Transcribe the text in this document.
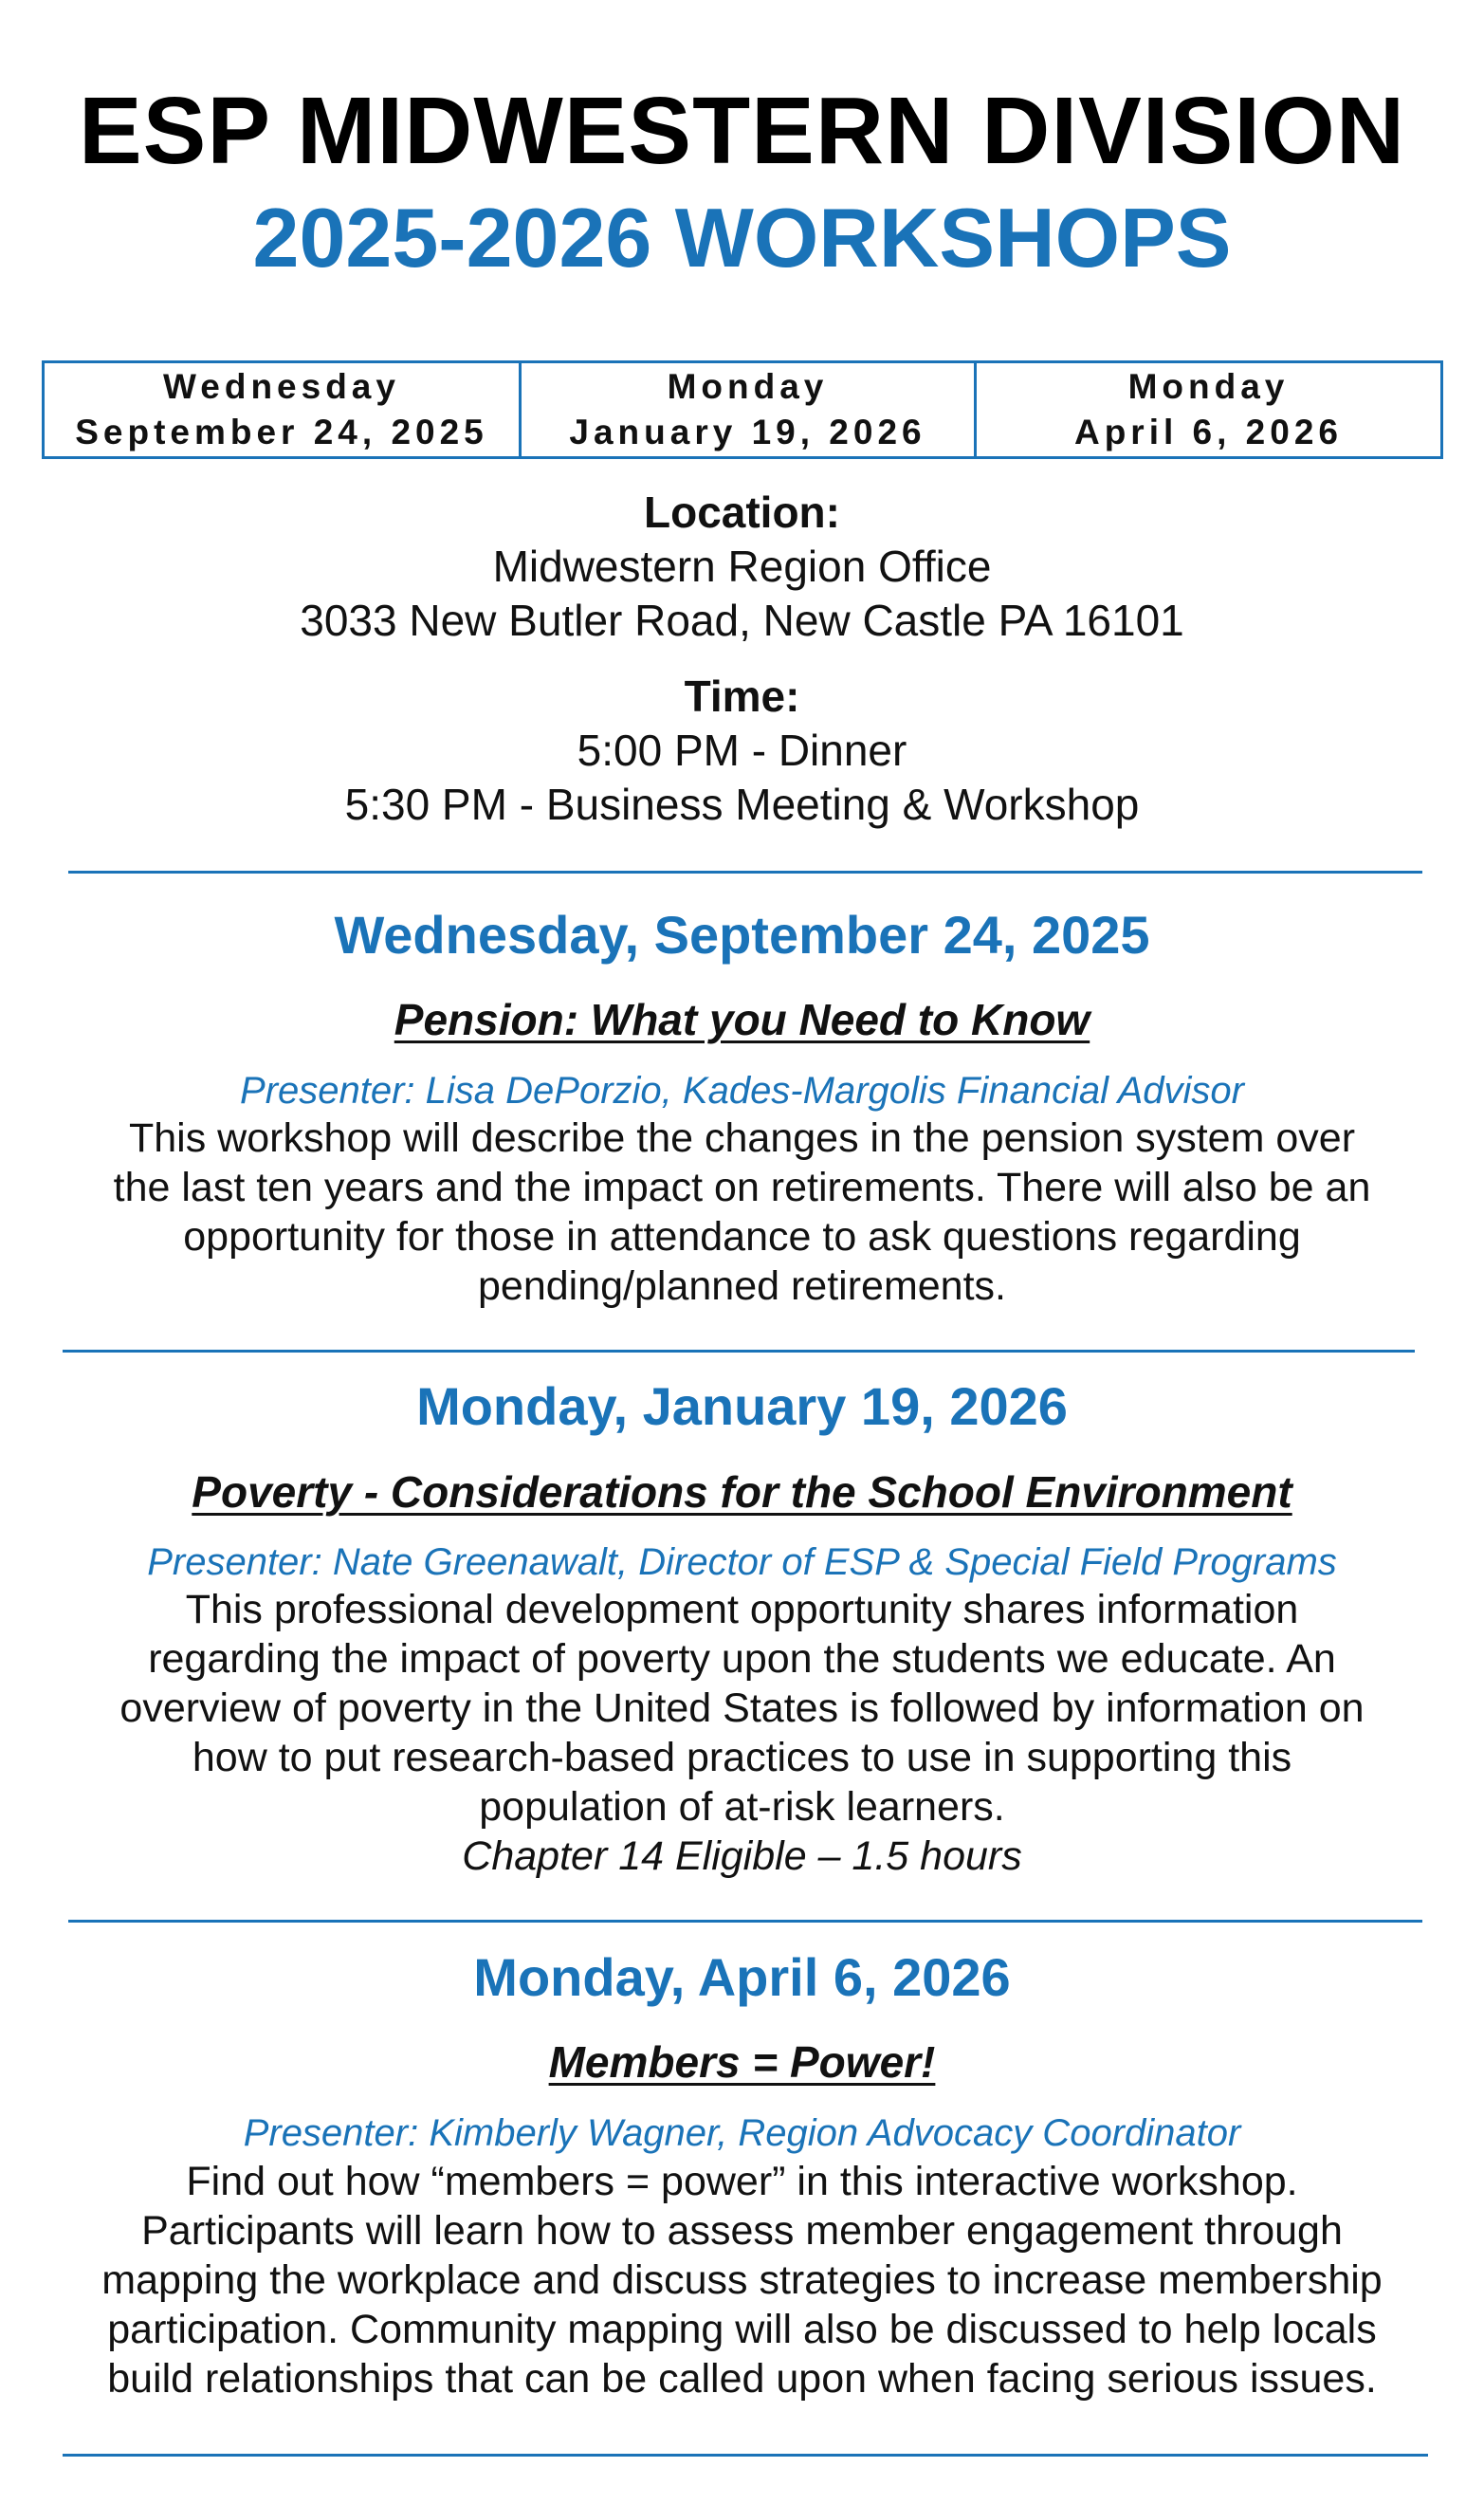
ESP MIDWESTERN DIVISION
2025-2026 WORKSHOPS
Wednesday
September 24, 2025
Monday
January 19, 2026
Monday
April 6, 2026
Location:
Midwestern Region Office
3033 New Butler Road, New Castle PA 16101
Time:
5:00 PM - Dinner
5:30 PM - Business Meeting & Workshop
Wednesday, September 24, 2025
Pension: What you Need to Know
Presenter: Lisa DePorzio, Kades-Margolis Financial Advisor
This workshop will describe the changes in the pension system over
the last ten years and the impact on retirements. There will also be an
opportunity for those in attendance to ask questions regarding
pending/planned retirements.
Monday, January 19, 2026
Poverty - Considerations for the School Environment
Presenter: Nate Greenawalt, Director of ESP & Special Field Programs
This professional development opportunity shares information
regarding the impact of poverty upon the students we educate. An
overview of poverty in the United States is followed by information on
how to put research-based practices to use in supporting this
population of at-risk learners.
Chapter 14 Eligible – 1.5 hours
Monday, April 6, 2026
Members = Power!
Presenter: Kimberly Wagner, Region Advocacy Coordinator
Find out how “members = power” in this interactive workshop.
Participants will learn how to assess member engagement through
mapping the workplace and discuss strategies to increase membership
participation. Community mapping will also be discussed to help locals
build relationships that can be called upon when facing serious issues.
